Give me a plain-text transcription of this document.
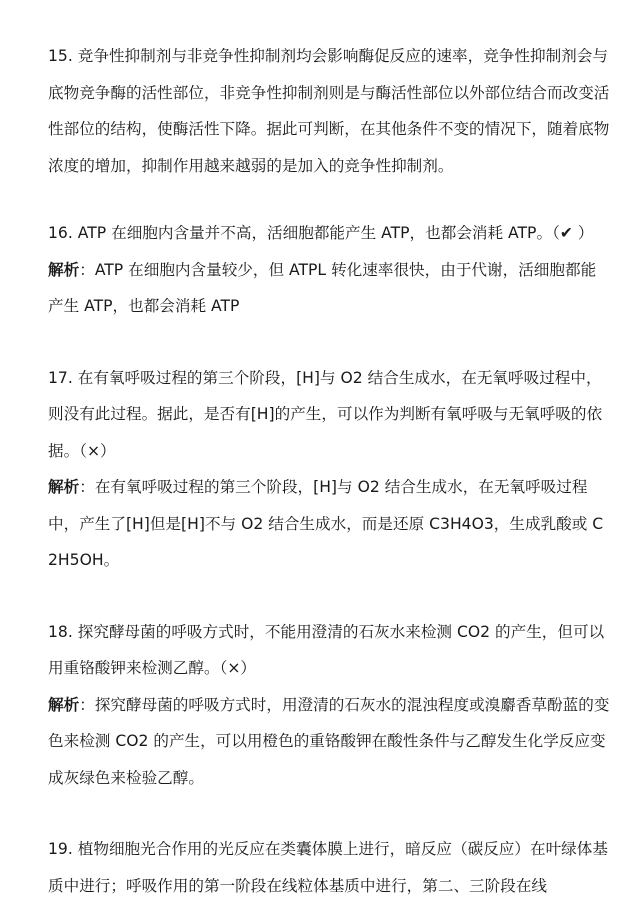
15. 竞争性抑制剂与非竞争性抑制剂均会影响酶促反应的速率，竞争性抑制剂会与底物竞争酶的活性部位，非竞争性抑制剂则是与酶活性部位以外部位结合而改变活性部位的结构，使酶活性下降。据此可判断，在其他条件不变的情况下，随着底物浓度的增加，抑制作用越来越弱的是加入的竞争性抑制剂。

16. ATP 在细胞内含量并不高，活细胞都能产生 ATP，也都会消耗 ATP。（✔ ）

解析：ATP 在细胞内含量较少，但 ATPL 转化速率很快，由于代谢，活细胞都能产生 ATP，也都会消耗 ATP

17. 在有氧呼吸过程的第三个阶段，[H]与 O2 结合生成水，在无氧呼吸过程中，则没有此过程。据此，是否有[H]的产生，可以作为判断有氧呼吸与无氧呼吸的依据。（×）

解析：在有氧呼吸过程的第三个阶段，[H]与 O2 结合生成水，在无氧呼吸过程中，产生了[H]但是[H]不与 O2 结合生成水，而是还原 C3H4O3，生成乳酸或 C2H5OH。

18. 探究酵母菌的呼吸方式时，不能用澄清的石灰水来检测 CO2 的产生，但可以用重铬酸钾来检测乙醇。（×）

解析：探究酵母菌的呼吸方式时，用澄清的石灰水的混浊程度或溴麝香草酚蓝的变色来检测 CO2 的产生，可以用橙色的重铬酸钾在酸性条件与乙醇发生化学反应变成灰绿色来检验乙醇。

19. 植物细胞光合作用的光反应在类囊体膜上进行，暗反应（碳反应）在叶绿体基质中进行；呼吸作用的第一阶段在线粒体基质中进行，第二、三阶段在线
